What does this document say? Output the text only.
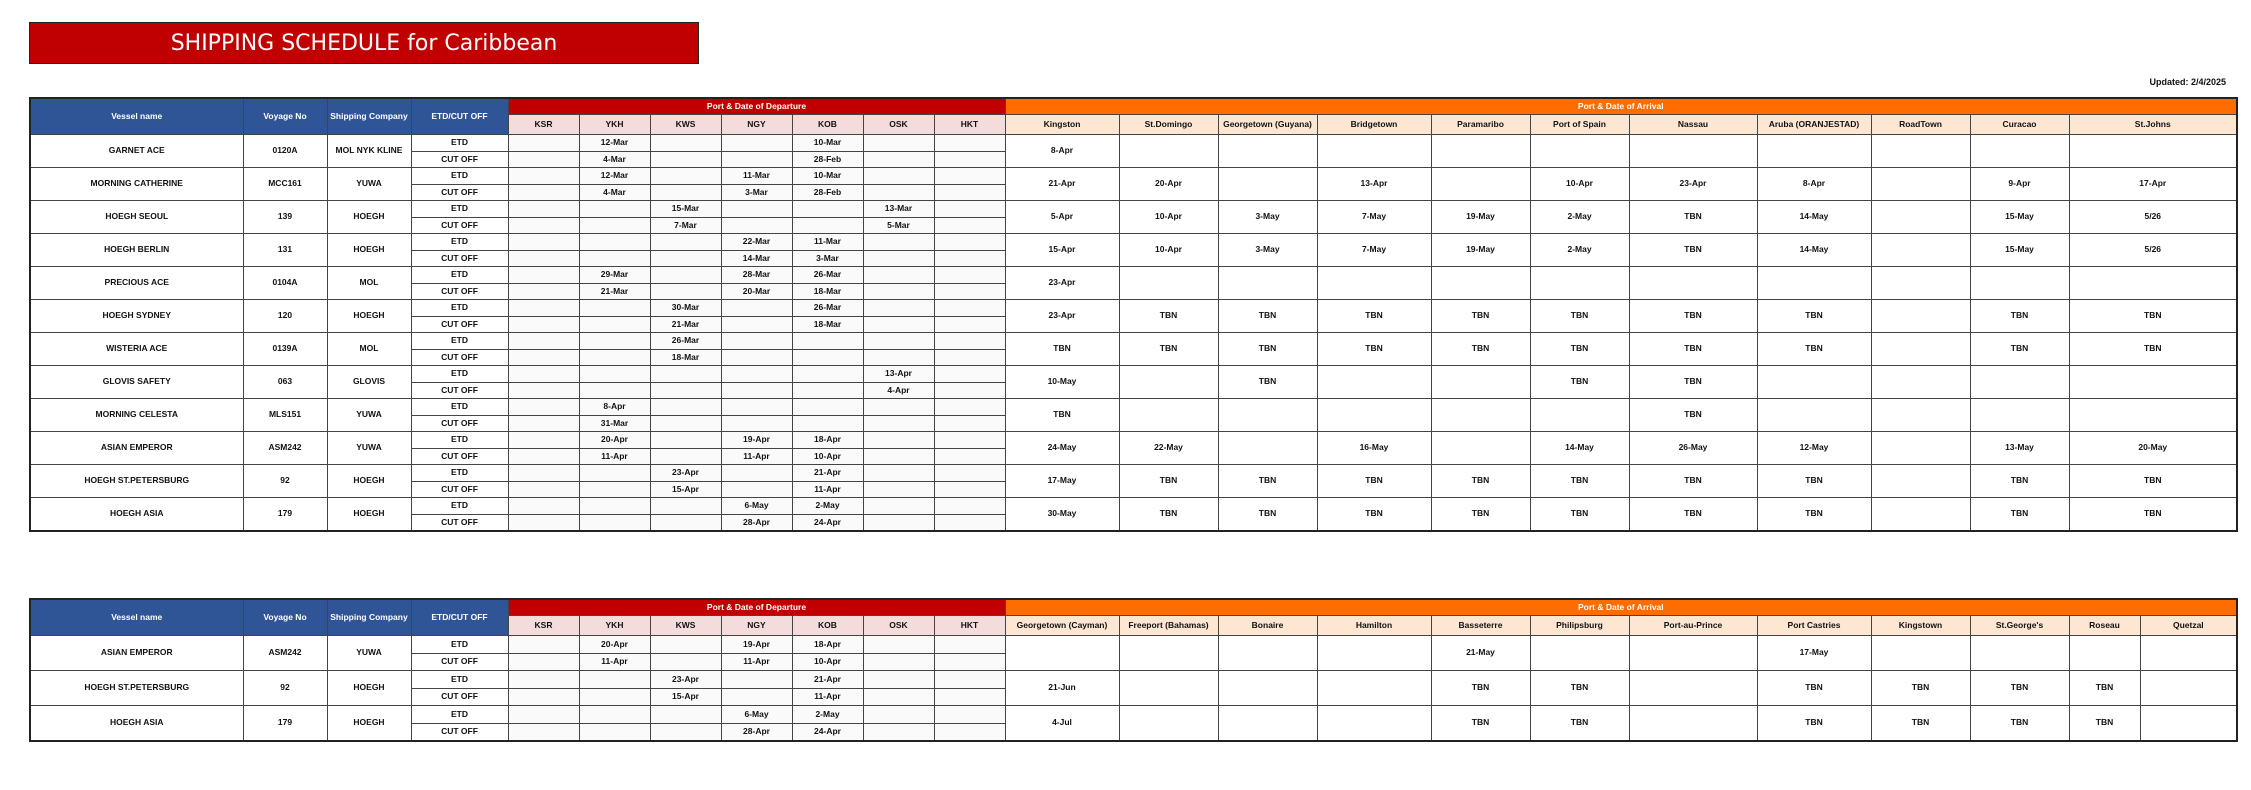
SHIPPING SCHEDULE for Caribbean
Updated: 2/4/2025
Vessel name	Voyage No	Shipping Company	ETD/CUT OFF	Port & Date of Departure							Port & Date of Arrival										
				KSR	YKH	KWS	NGY	KOB	OSK	HKT	Kingston	St.Domingo	Georgetown (Guyana)	Bridgetown	Paramaribo	Port of Spain	Nassau	Aruba (ORANJESTAD)	RoadTown	Curacao	St.Johns
GARNET ACE	0120A	MOL NYK KLINE	ETD		12-Mar			10-Mar			8-Apr										
			CUT OFF		4-Mar			28-Feb													
MORNING CATHERINE	MCC161	YUWA	ETD		12-Mar		11-Mar	10-Mar			21-Apr	20-Apr		13-Apr		10-Apr	23-Apr	8-Apr		9-Apr	17-Apr
			CUT OFF		4-Mar		3-Mar	28-Feb													
HOEGH SEOUL	139	HOEGH	ETD			15-Mar			13-Mar		5-Apr	10-Apr	3-May	7-May	19-May	2-May	TBN	14-May		15-May	5/26
			CUT OFF			7-Mar			5-Mar												
HOEGH BERLIN	131	HOEGH	ETD				22-Mar	11-Mar			15-Apr	10-Apr	3-May	7-May	19-May	2-May	TBN	14-May		15-May	5/26
			CUT OFF				14-Mar	3-Mar													
PRECIOUS ACE	0104A	MOL	ETD		29-Mar		28-Mar	26-Mar			23-Apr										
			CUT OFF		21-Mar		20-Mar	18-Mar													
HOEGH SYDNEY	120	HOEGH	ETD			30-Mar		26-Mar			23-Apr	TBN	TBN	TBN	TBN	TBN	TBN	TBN		TBN	TBN
			CUT OFF			21-Mar		18-Mar													
WISTERIA ACE	0139A	MOL	ETD			26-Mar					TBN	TBN	TBN	TBN	TBN	TBN	TBN	TBN		TBN	TBN
			CUT OFF			18-Mar															
GLOVIS SAFETY	063	GLOVIS	ETD						13-Apr		10-May		TBN			TBN	TBN				
			CUT OFF						4-Apr												
MORNING CELESTA	MLS151	YUWA	ETD		8-Apr						TBN						TBN				
			CUT OFF		31-Mar																
ASIAN EMPEROR	ASM242	YUWA	ETD		20-Apr		19-Apr	18-Apr			24-May	22-May		16-May		14-May	26-May	12-May		13-May	20-May
			CUT OFF		11-Apr		11-Apr	10-Apr													
HOEGH ST.PETERSBURG	92	HOEGH	ETD			23-Apr		21-Apr			17-May	TBN	TBN	TBN	TBN	TBN	TBN	TBN		TBN	TBN
			CUT OFF			15-Apr		11-Apr													
HOEGH ASIA	179	HOEGH	ETD				6-May	2-May			30-May	TBN	TBN	TBN	TBN	TBN	TBN	TBN		TBN	TBN
			CUT OFF				28-Apr	24-Apr													
Vessel name	Voyage No	Shipping Company	ETD/CUT OFF	Port & Date of Departure							Port & Date of Arrival											
				KSR	YKH	KWS	NGY	KOB	OSK	HKT	Georgetown (Cayman)	Freeport (Bahamas)	Bonaire	Hamilton	Basseterre	Philipsburg	Port-au-Prince	Port Castries	Kingstown	St.George's	Roseau	Quetzal
ASIAN EMPEROR	ASM242	YUWA	ETD		20-Apr		19-Apr	18-Apr							21-May			17-May				
			CUT OFF		11-Apr		11-Apr	10-Apr														
HOEGH ST.PETERSBURG	92	HOEGH	ETD			23-Apr		21-Apr			21-Jun				TBN	TBN		TBN	TBN	TBN	TBN	
			CUT OFF			15-Apr		11-Apr														
HOEGH ASIA	179	HOEGH	ETD				6-May	2-May			4-Jul				TBN	TBN		TBN	TBN	TBN	TBN	
			CUT OFF				28-Apr	24-Apr														
